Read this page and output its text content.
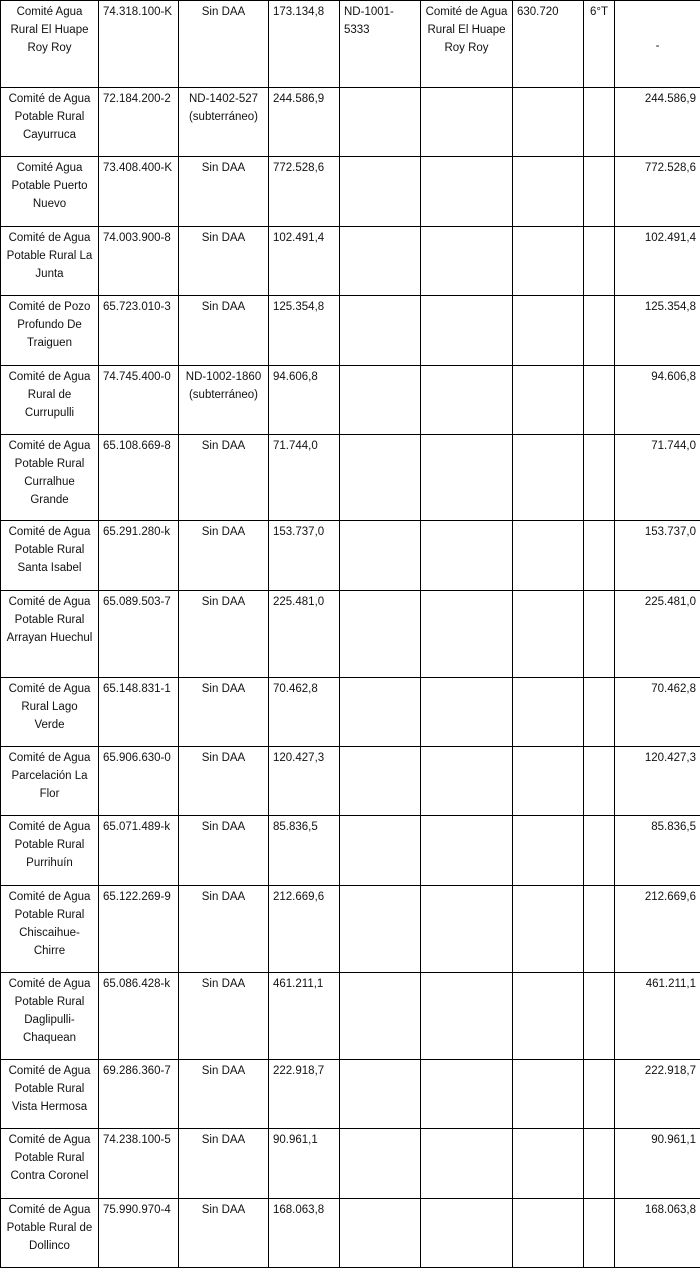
Comité Agua Rural El Huape Roy Roy	74.318.100-K	Sin DAA	173.134,8	ND-1001-5333	Comité de Agua Rural El Huape Roy Roy	630.720	6°T	-
Comité de Agua Potable Rural Cayurruca	72.184.200-2	ND-1402-527 (subterráneo)	244.586,9					244.586,9
Comité Agua Potable Puerto Nuevo	73.408.400-K	Sin DAA	772.528,6					772.528,6
Comité de Agua Potable Rural La Junta	74.003.900-8	Sin DAA	102.491,4					102.491,4
Comité de Pozo Profundo De Traiguen	65.723.010-3	Sin DAA	125.354,8					125.354,8
Comité de Agua Rural de Currupulli	74.745.400-0	ND-1002-1860 (subterráneo)	94.606,8					94.606,8
Comité de Agua Potable Rural Curralhue Grande	65.108.669-8	Sin DAA	71.744,0					71.744,0
Comité de Agua Potable Rural Santa Isabel	65.291.280-k	Sin DAA	153.737,0					153.737,0
Comité de Agua Potable Rural Arrayan Huechul	65.089.503-7	Sin DAA	225.481,0					225.481,0
Comité de Agua Rural Lago Verde	65.148.831-1	Sin DAA	70.462,8					70.462,8
Comité de Agua Parcelación La Flor	65.906.630-0	Sin DAA	120.427,3					120.427,3
Comité de Agua Potable Rural Purrihuín	65.071.489-k	Sin DAA	85.836,5					85.836,5
Comité de Agua Potable Rural Chiscaihue-Chirre	65.122.269-9	Sin DAA	212.669,6					212.669,6
Comité de Agua Potable Rural Daglipulli-Chaquean	65.086.428-k	Sin DAA	461.211,1					461.211,1
Comité de Agua Potable Rural Vista Hermosa	69.286.360-7	Sin DAA	222.918,7					222.918,7
Comité de Agua Potable Rural Contra Coronel	74.238.100-5	Sin DAA	90.961,1					90.961,1
Comité de Agua Potable Rural de Dollinco	75.990.970-4	Sin DAA	168.063,8					168.063,8
